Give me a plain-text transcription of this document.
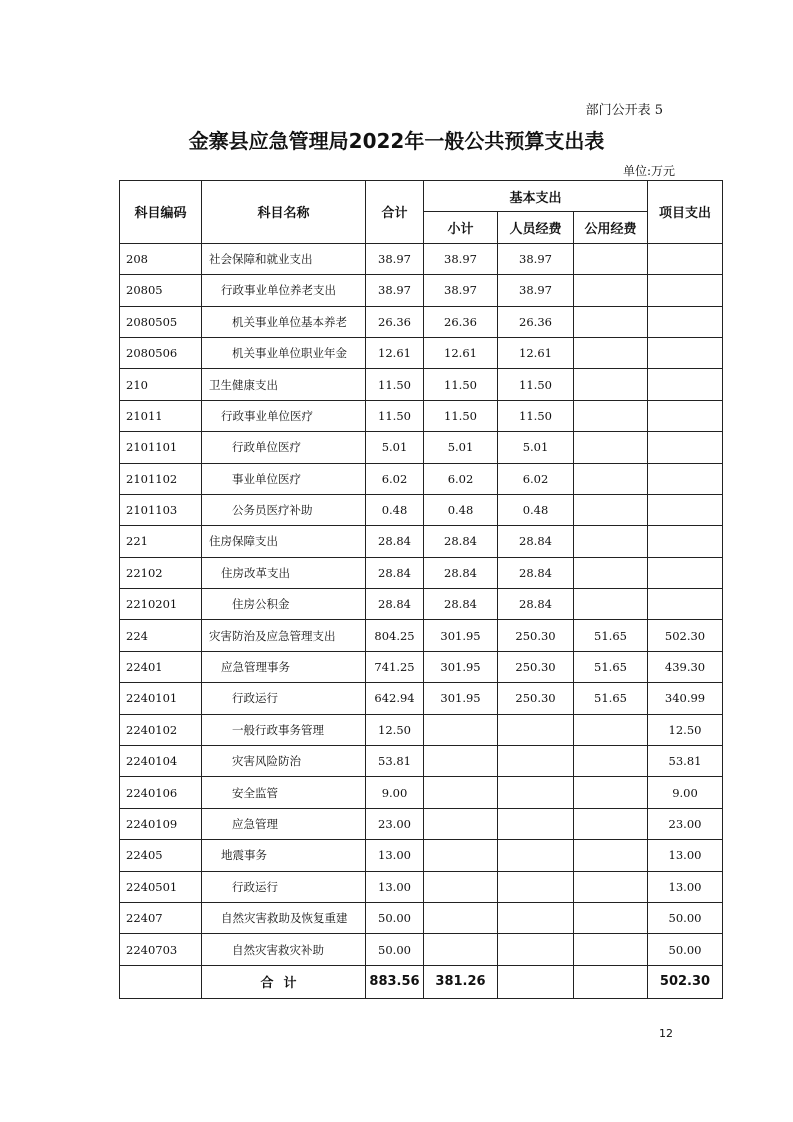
部门公开表 5
金寨县应急管理局2022年一般公共预算支出表
单位:万元
科目编码	科目名称	合计	基本支出			项目支出
			小计	人员经费	公用经费	
208	社会保障和就业支出	38.97	38.97	38.97		
20805	行政事业单位养老支出	38.97	38.97	38.97		
2080505	机关事业单位基本养老	26.36	26.36	26.36		
2080506	机关事业单位职业年金	12.61	12.61	12.61		
210	卫生健康支出	11.50	11.50	11.50		
21011	行政事业单位医疗	11.50	11.50	11.50		
2101101	行政单位医疗	5.01	5.01	5.01		
2101102	事业单位医疗	6.02	6.02	6.02		
2101103	公务员医疗补助	0.48	0.48	0.48		
221	住房保障支出	28.84	28.84	28.84		
22102	住房改革支出	28.84	28.84	28.84		
2210201	住房公积金	28.84	28.84	28.84		
224	灾害防治及应急管理支出	804.25	301.95	250.30	51.65	502.30
22401	应急管理事务	741.25	301.95	250.30	51.65	439.30
2240101	行政运行	642.94	301.95	250.30	51.65	340.99
2240102	一般行政事务管理	12.50				12.50
2240104	灾害风险防治	53.81				53.81
2240106	安全监管	9.00				9.00
2240109	应急管理	23.00				23.00
22405	地震事务	13.00				13.00
2240501	行政运行	13.00				13.00
22407	自然灾害救助及恢复重建	50.00				50.00
2240703	自然灾害救灾补助	50.00				50.00
	合计	883.56	381.26			502.30
12
